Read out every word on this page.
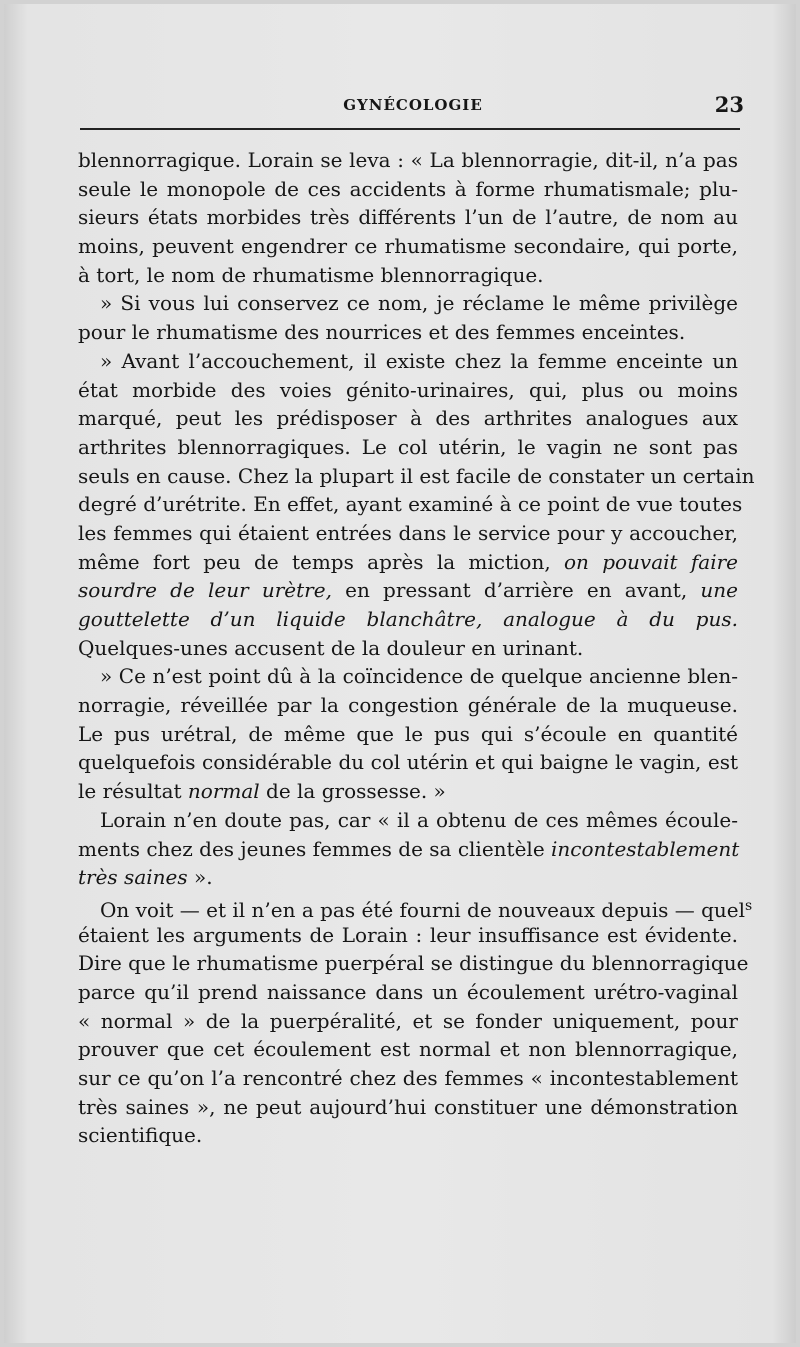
GYNÉCOLOGIE	23
blennorragique. Lorain se leva : « La blennorragie, dit-il, n’a pas
seule le monopole de ces accidents à forme rhumatismale; plu-
sieurs états morbides très différents l’un de l’autre, de nom au
moins, peuvent engendrer ce rhumatisme secondaire, qui porte,
à tort, le nom de rhumatisme blennorragique.
» Si vous lui conservez ce nom, je réclame le même privilège
pour le rhumatisme des nourrices et des femmes enceintes.
» Avant l’accouchement, il existe chez la femme enceinte un
état morbide des voies génito-urinaires, qui, plus ou moins
marqué, peut les prédisposer à des arthrites analogues aux
arthrites blennorragiques. Le col utérin, le vagin ne sont pas
seuls en cause. Chez la plupart il est facile de constater un certain
degré d’urétrite. En effet, ayant examiné à ce point de vue toutes
les femmes qui étaient entrées dans le service pour y accoucher,
même fort peu de temps après la miction, on pouvait faire
sourdre de leur urètre, en pressant d’arrière en avant, une
gouttelette d’un liquide blanchâtre, analogue à du pus.
Quelques-unes accusent de la douleur en urinant.
» Ce n’est point dû à la coïncidence de quelque ancienne blen-
norragie, réveillée par la congestion générale de la muqueuse.
Le pus urétral, de même que le pus qui s’écoule en quantité
quelquefois considérable du col utérin et qui baigne le vagin, est
le résultat normal de la grossesse. »
Lorain n’en doute pas, car « il a obtenu de ces mêmes écoule-
ments chez des jeunes femmes de sa clientèle incontestablement
très saines ».
On voit — et il n’en a pas été fourni de nouveaux depuis — quel$^s$
étaient les arguments de Lorain : leur insuffisance est évidente.
Dire que le rhumatisme puerpéral se distingue du blennorragique
parce qu’il prend naissance dans un écoulement urétro-vaginal
« normal » de la puerpéralité, et se fonder uniquement, pour
prouver que cet écoulement est normal et non blennorragique,
sur ce qu’on l’a rencontré chez des femmes « incontestablement
très saines », ne peut aujourd’hui constituer une démonstration
scientifique.
